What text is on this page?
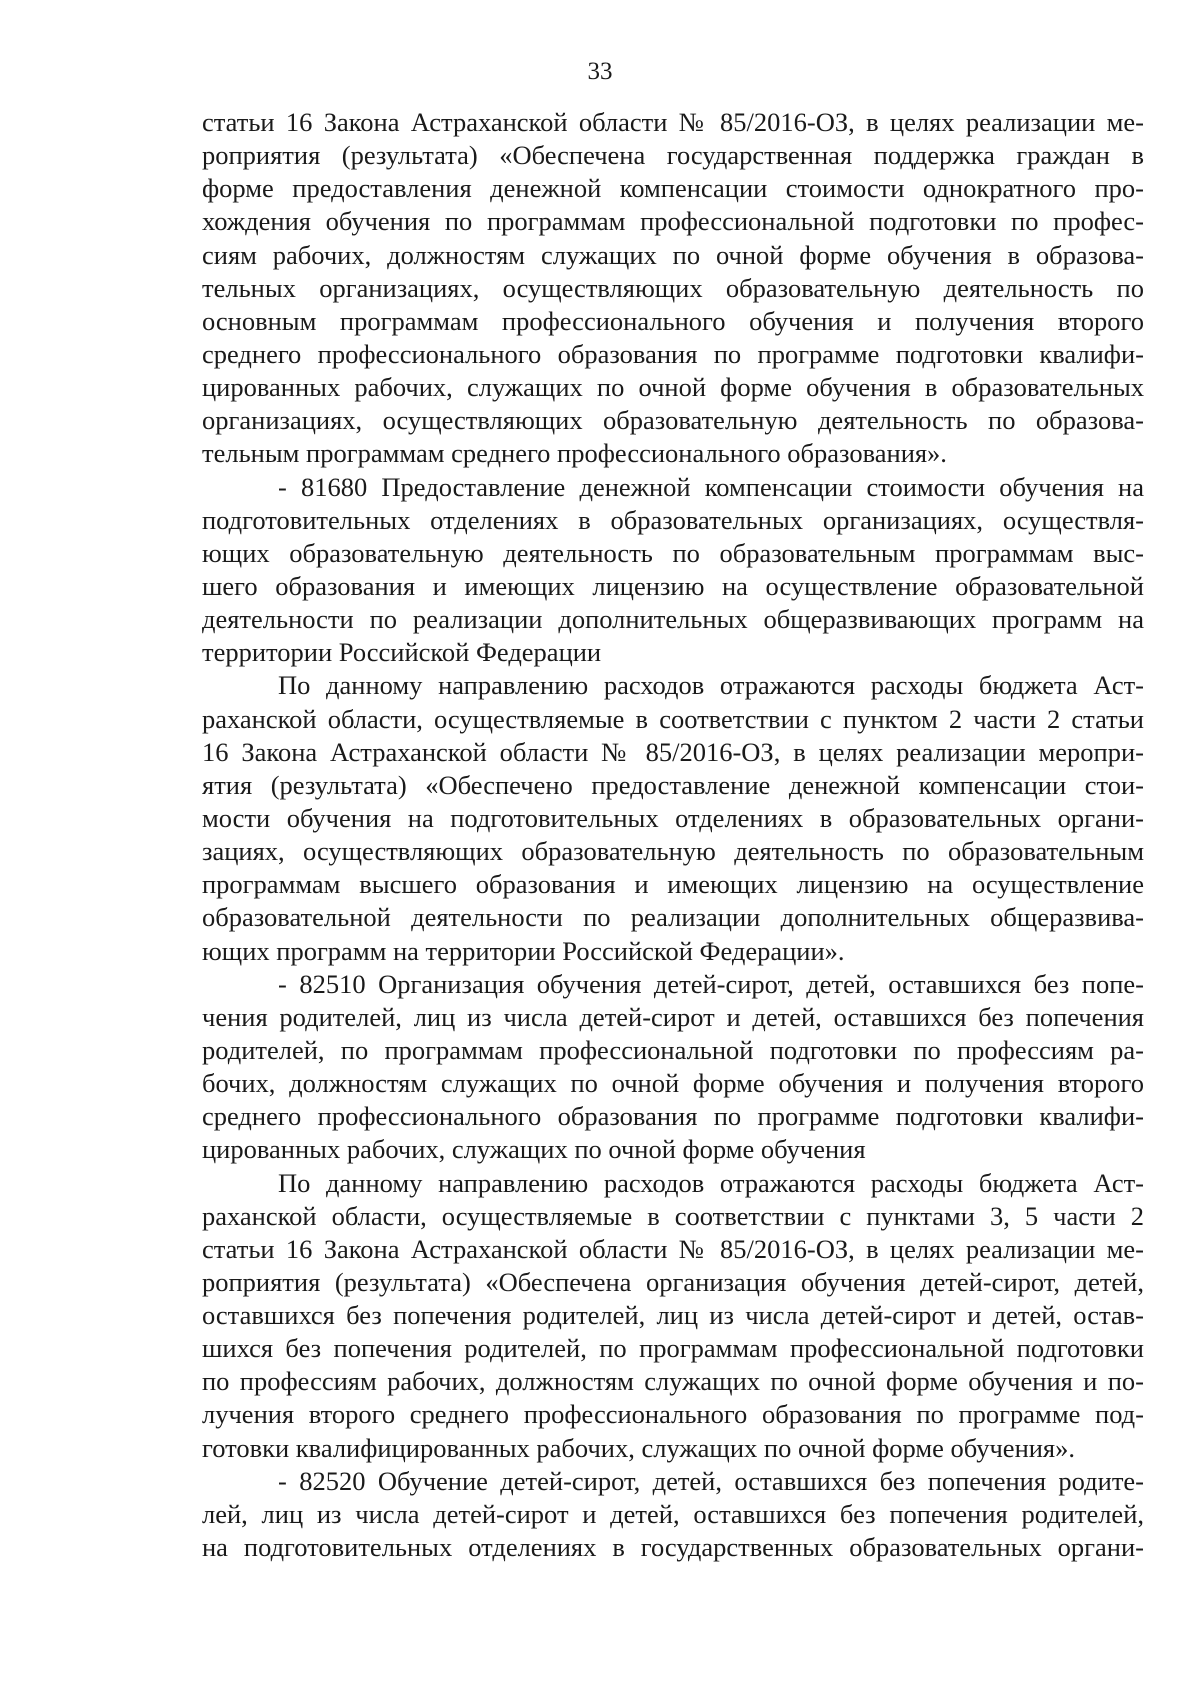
33
статьи 16 Закона Астраханской области № 85/2016-ОЗ, в целях реализации ме-
роприятия (результата) «Обеспечена государственная поддержка граждан в
форме предоставления денежной компенсации стоимости однократного про-
хождения обучения по программам профессиональной подготовки по профес-
сиям рабочих, должностям служащих по очной форме обучения в образова-
тельных организациях, осуществляющих образовательную деятельность по
основным программам профессионального обучения и получения второго
среднего профессионального образования по программе подготовки квалифи-
цированных рабочих, служащих по очной форме обучения в образовательных
организациях, осуществляющих образовательную деятельность по образова-
тельным программам среднего профессионального образования».
- 81680 Предоставление денежной компенсации стоимости обучения на
подготовительных отделениях в образовательных организациях, осуществля-
ющих образовательную деятельность по образовательным программам выс-
шего образования и имеющих лицензию на осуществление образовательной
деятельности по реализации дополнительных общеразвивающих программ на
территории Российской Федерации
По данному направлению расходов отражаются расходы бюджета Аст-
раханской области, осуществляемые в соответствии с пунктом 2 части 2 статьи
16 Закона Астраханской области № 85/2016-ОЗ, в целях реализации меропри-
ятия (результата) «Обеспечено предоставление денежной компенсации стои-
мости обучения на подготовительных отделениях в образовательных органи-
зациях, осуществляющих образовательную деятельность по образовательным
программам высшего образования и имеющих лицензию на осуществление
образовательной деятельности по реализации дополнительных общеразвива-
ющих программ на территории Российской Федерации».
- 82510 Организация обучения детей-сирот, детей, оставшихся без попе-
чения родителей, лиц из числа детей-сирот и детей, оставшихся без попечения
родителей, по программам профессиональной подготовки по профессиям ра-
бочих, должностям служащих по очной форме обучения и получения второго
среднего профессионального образования по программе подготовки квалифи-
цированных рабочих, служащих по очной форме обучения
По данному направлению расходов отражаются расходы бюджета Аст-
раханской области, осуществляемые в соответствии с пунктами 3, 5 части 2
статьи 16 Закона Астраханской области № 85/2016-ОЗ, в целях реализации ме-
роприятия (результата) «Обеспечена организация обучения детей-сирот, детей,
оставшихся без попечения родителей, лиц из числа детей-сирот и детей, остав-
шихся без попечения родителей, по программам профессиональной подготовки
по профессиям рабочих, должностям служащих по очной форме обучения и по-
лучения второго среднего профессионального образования по программе под-
готовки квалифицированных рабочих, служащих по очной форме обучения».
- 82520 Обучение детей-сирот, детей, оставшихся без попечения родите-
лей, лиц из числа детей-сирот и детей, оставшихся без попечения родителей,
на подготовительных отделениях в государственных образовательных органи-
